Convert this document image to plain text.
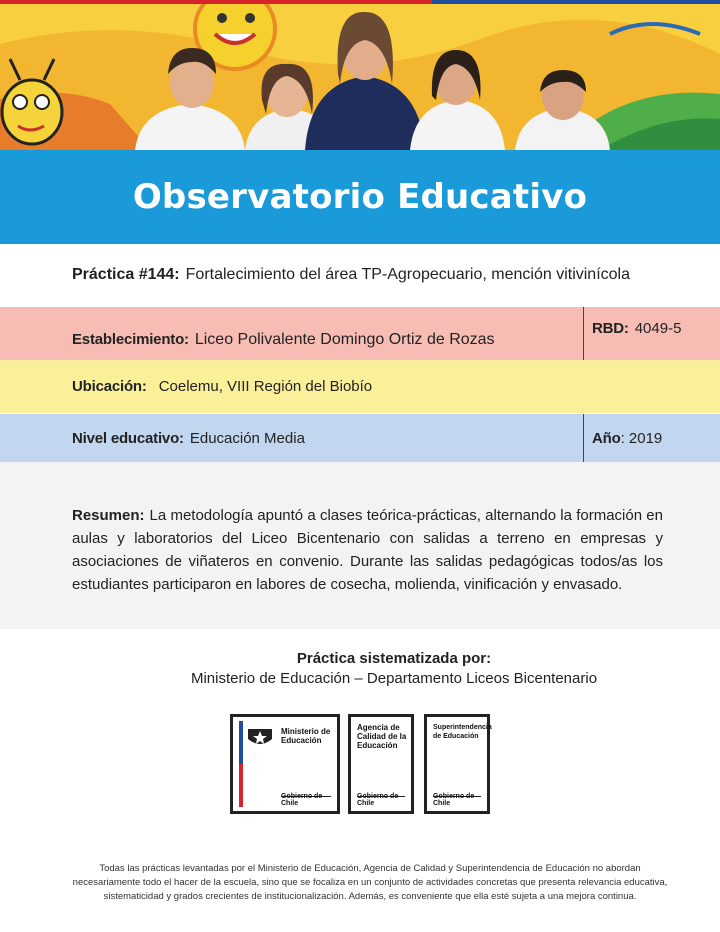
Observatorio Educativo
Práctica #144: Fortalecimiento del área TP-Agropecuario, mención vitivinícola
Establecimiento: Liceo Polivalente Domingo Ortiz de Rozas
RBD: 4049-5
Ubicación: Coelemu, VIII Región del Biobío
Nivel educativo: Educación Media	Año : 2019
Resumen: La metodología apuntó a clases teórica-prácticas, alternando la formación en aulas y laboratorios del Liceo Bicentenario con salidas a terreno en empresas y asociaciones de viñateros en convenio. Durante las salidas pedagógicas todos/as los estudiantes participaron en labores de cosecha, molienda, vinificación y envasado.
Práctica sistematizada por:
Ministerio de Educación – Departamento Liceos Bicentenario
Ministerio de Educación
Gobierno de Chile
Agencia de Calidad de la Educación
Gobierno de Chile
Superintendencia de Educación
Gobierno de Chile
Todas las prácticas levantadas por el Ministerio de Educación, Agencia de Calidad y Superintendencia de Educación no abordan necesariamente todo el hacer de la escuela, sino que se focaliza en un conjunto de actividades concretas que presenta relevancia educativa, sistematicidad y grados crecientes de institucionalización. Además, es conveniente que ella esté sujeta a una mejora continua.
